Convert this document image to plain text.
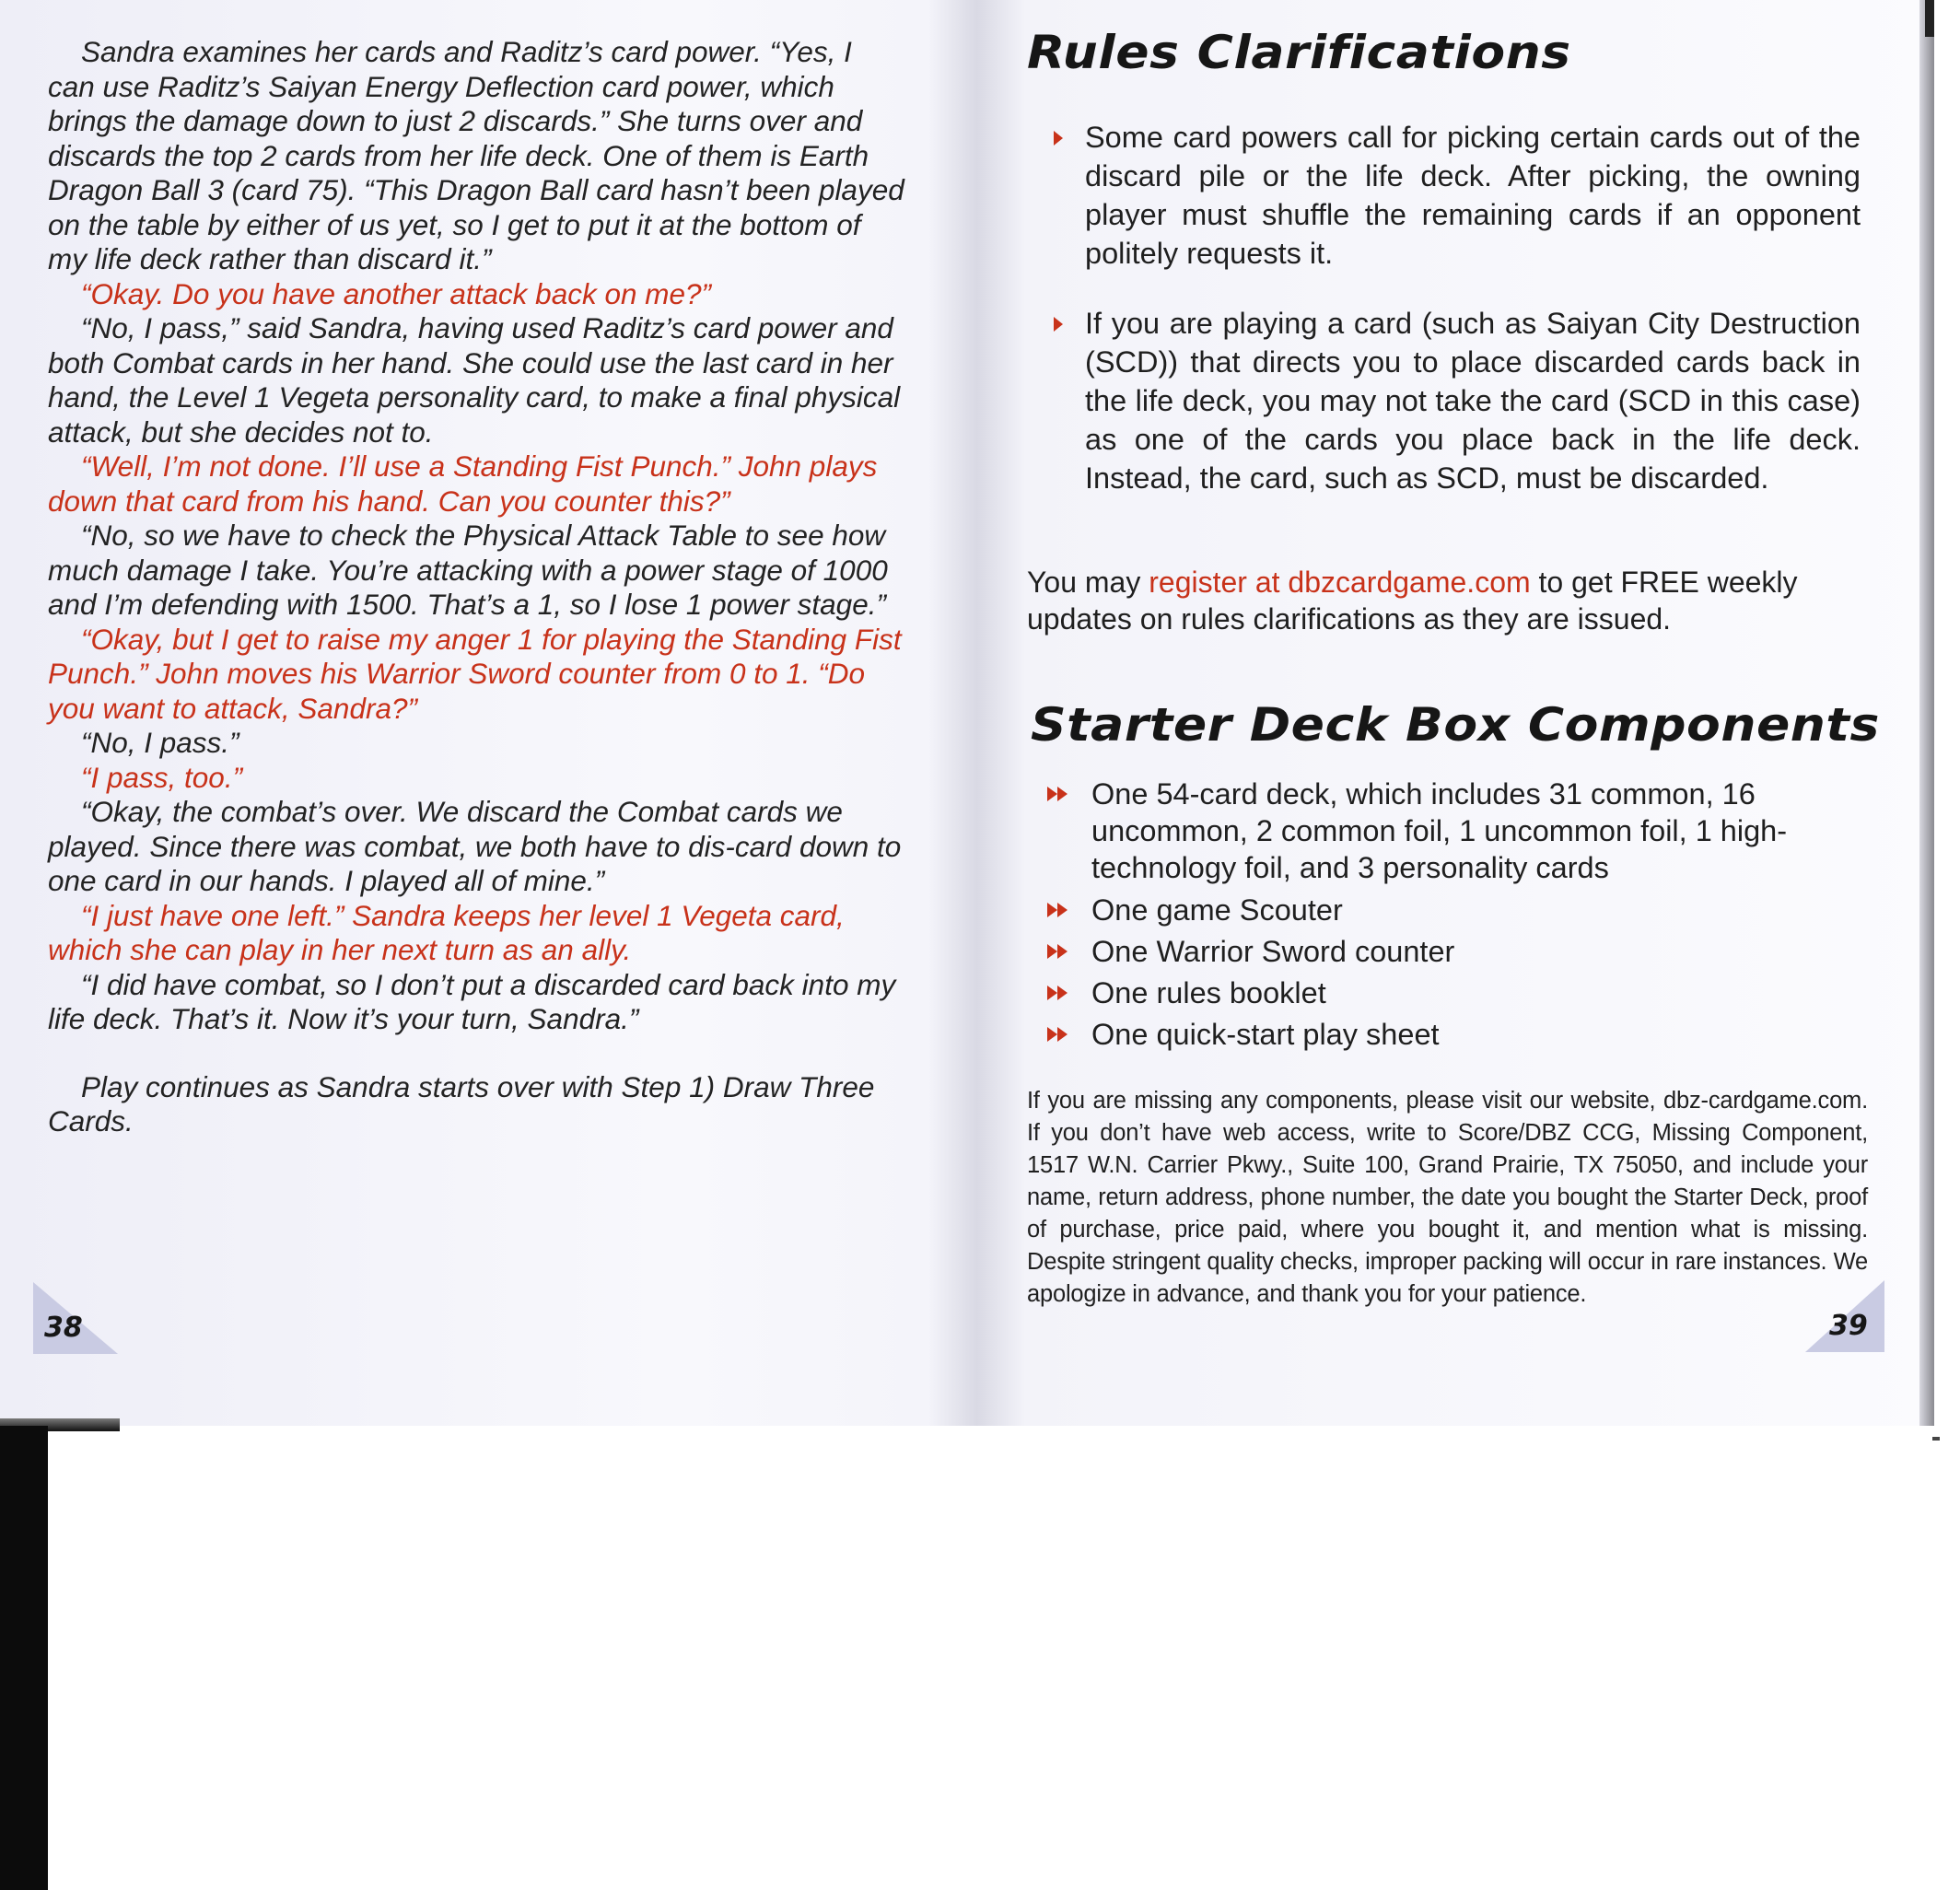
Sandra examines her cards and Raditz’s card power. “Yes, I can use Raditz’s Saiyan Energy Deflection card power, which brings the damage down to just 2 discards.” She turns over and discards the top 2 cards from her life deck. One of them is Earth Dragon Ball 3 (card 75). “This Dragon Ball card hasn’t been played on the table by either of us yet, so I get to put it at the bottom of my life deck rather than discard it.”

“Okay. Do you have another attack back on me?”

“No, I pass,” said Sandra, having used Raditz’s card power and both Combat cards in her hand. She could use the last card in her hand, the Level 1 Vegeta personality card, to make a final physical attack, but she decides not to.

“Well, I’m not done. I’ll use a Standing Fist Punch.” John plays down that card from his hand. Can you counter this?”

“No, so we have to check the Physical Attack Table to see how much damage I take. You’re attacking with a power stage of 1000 and I’m defending with 1500. That’s a 1, so I lose 1 power stage.”

“Okay, but I get to raise my anger 1 for playing the Standing Fist Punch.” John moves his Warrior Sword counter from 0 to 1. “Do you want to attack, Sandra?”

“No, I pass.”

“I pass, too.”

“Okay, the combat’s over. We discard the Combat cards we played. Since there was combat, we both have to dis-card down to one card in our hands. I played all of mine.”

“I just have one left.” Sandra keeps her level 1 Vegeta card, which she can play in her next turn as an ally.

“I did have combat, so I don’t put a discarded card back into my life deck. That’s it. Now it’s your turn, Sandra.”

Play continues as Sandra starts over with Step 1) Draw Three Cards.

38
Rules Clarifications
Some card powers call for picking certain cards out of the discard pile or the life deck. After picking, the owning player must shuffle the remaining cards if an opponent politely requests it.
If you are playing a card (such as Saiyan City Destruction (SCD)) that directs you to place discarded cards back in the life deck, you may not take the card (SCD in this case) as one of the cards you place back in the life deck. Instead, the card, such as SCD, must be discarded.
You may register at dbzcardgame.com to get FREE weekly updates on rules clarifications as they are issued.
Starter Deck Box Components
One 54-card deck, which includes 31 common, 16 uncommon, 2 common foil, 1 uncommon foil, 1 high-technology foil, and 3 personality cards
One game Scouter
One Warrior Sword counter
One rules booklet
One quick-start play sheet
If you are missing any components, please visit our website, dbz-cardgame.com. If you don’t have web access, write to Score/DBZ CCG, Missing Component, 1517 W.N. Carrier Pkwy., Suite 100, Grand Prairie, TX 75050, and include your name, return address, phone number, the date you bought the Starter Deck, proof of purchase, price paid, where you bought it, and mention what is missing. Despite stringent quality checks, improper packing will occur in rare instances. We apologize in advance, and thank you for your patience.
39
